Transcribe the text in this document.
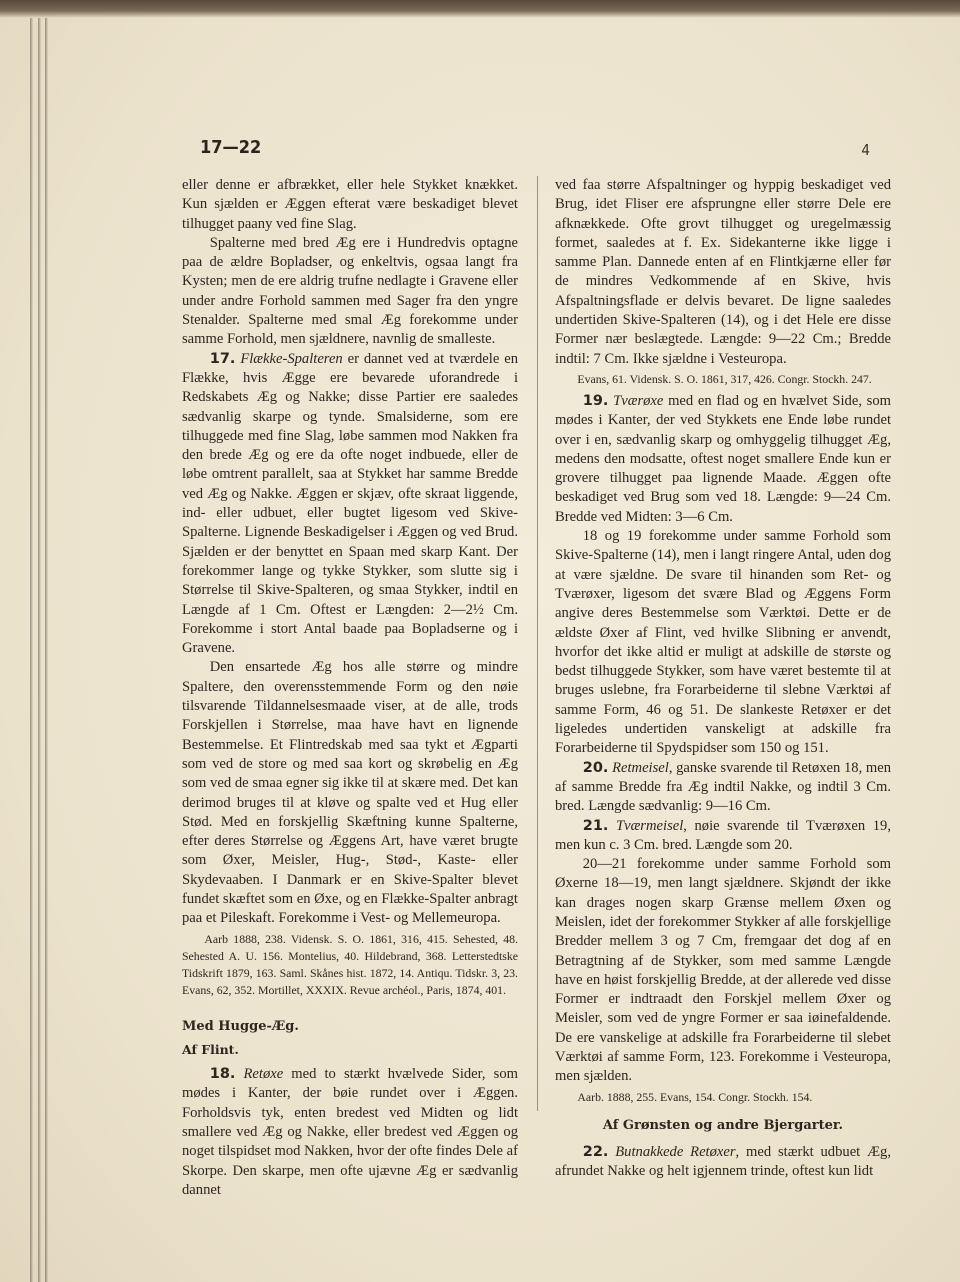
17—22	4

eller denne er afbrækket, eller hele Stykket knækket. Kun sjælden er Æggen efterat være beskadiget blevet tilhugget paany ved fine Slag.

Spalterne med bred Æg ere i Hundredvis optagne paa de ældre Bopladser, og enkeltvis, ogsaa langt fra Kysten; men de ere aldrig trufne nedlagte i Gravene eller under andre Forhold sammen med Sager fra den yngre Stenalder. Spalterne med smal Æg forekomme under samme Forhold, men sjældnere, navnlig de smalleste.

17. Flække-Spalteren er dannet ved at tværdele en Flække, hvis Ægge ere bevarede uforandrede i Redskabets Æg og Nakke; disse Partier ere saaledes sædvanlig skarpe og tynde. Smalsiderne, som ere tilhuggede med fine Slag, løbe sammen mod Nakken fra den brede Æg og ere da ofte noget indbuede, eller de løbe omtrent parallelt, saa at Stykket har samme Bredde ved Æg og Nakke. Æggen er skjæv, ofte skraat liggende, ind- eller udbuet, eller bugtet ligesom ved Skive-Spalterne. Lignende Beskadigelser i Æggen og ved Brud. Sjælden er der benyttet en Spaan med skarp Kant. Der forekommer lange og tykke Stykker, som slutte sig i Størrelse til Skive-Spalteren, og smaa Stykker, indtil en Længde af 1 Cm. Oftest er Længden: 2—2½ Cm. Forekomme i stort Antal baade paa Bopladserne og i Gravene.

Den ensartede Æg hos alle større og mindre Spaltere, den overensstemmende Form og den nøie tilsvarende Tildannelsesmaade viser, at de alle, trods Forskjellen i Størrelse, maa have havt en lignende Bestemmelse. Et Flintredskab med saa tykt et Ægparti som ved de store og med saa kort og skrøbelig en Æg som ved de smaa egner sig ikke til at skære med. Det kan derimod bruges til at kløve og spalte ved et Hug eller Stød. Med en forskjellig Skæftning kunne Spalterne, efter deres Størrelse og Æggens Art, have været brugte som Øxer, Meisler, Hug-, Stød-, Kaste- eller Skydevaaben. I Danmark er en Skive-Spalter blevet fundet skæftet som en Øxe, og en Flække-Spalter anbragt paa et Pileskaft. Forekomme i Vest- og Mellemeuropa.

Aarb 1888, 238. Vidensk. S. O. 1861, 316, 415. Sehested, 48. Sehested A. U. 156. Montelius, 40. Hildebrand, 368. Letterstedtske Tidskrift 1879, 163. Saml. Skånes hist. 1872, 14. Antiqu. Tidskr. 3, 23. Evans, 62, 352. Mortillet, XXXIX. Revue archéol., Paris, 1874, 401.

Med Hugge-Æg.

Af Flint.

18. Retøxe med to stærkt hvælvede Sider, som mødes i Kanter, der bøie rundet over i Æggen. Forholdsvis tyk, enten bredest ved Midten og lidt smallere ved Æg og Nakke, eller bredest ved Æggen og noget tilspidset mod Nakken, hvor der ofte findes Dele af Skorpe. Den skarpe, men ofte ujævne Æg er sædvanlig dannet

ved faa større Afspaltninger og hyppig beskadiget ved Brug, idet Fliser ere afsprungne eller større Dele ere afknækkede. Ofte grovt tilhugget og uregelmæssig formet, saaledes at f. Ex. Sidekanterne ikke ligge i samme Plan. Dannede enten af en Flintkjærne eller før de mindres Vedkommende af en Skive, hvis Afspaltningsflade er delvis bevaret. De ligne saaledes undertiden Skive-Spalteren (14), og i det Hele ere disse Former nær beslægtede. Længde: 9—22 Cm.; Bredde indtil: 7 Cm. Ikke sjældne i Vesteuropa.

Evans, 61. Vidensk. S. O. 1861, 317, 426. Congr. Stockh. 247.

19. Tværøxe med en flad og en hvælvet Side, som mødes i Kanter, der ved Stykkets ene Ende løbe rundet over i en, sædvanlig skarp og omhyggelig tilhugget Æg, medens den modsatte, oftest noget smallere Ende kun er grovere tilhugget paa lignende Maade. Æggen ofte beskadiget ved Brug som ved 18. Længde: 9—24 Cm. Bredde ved Midten: 3—6 Cm.

18 og 19 forekomme under samme Forhold som Skive-Spalterne (14), men i langt ringere Antal, uden dog at være sjældne. De svare til hinanden som Ret- og Tværøxer, ligesom det svære Blad og Æggens Form angive deres Bestemmelse som Værktøi. Dette er de ældste Øxer af Flint, ved hvilke Slibning er anvendt, hvorfor det ikke altid er muligt at adskille de største og bedst tilhuggede Stykker, som have været bestemte til at bruges uslebne, fra Forarbeiderne til slebne Værktøi af samme Form, 46 og 51. De slankeste Retøxer er det ligeledes undertiden vanskeligt at adskille fra Forarbeiderne til Spydspidser som 150 og 151.

20. Retmeisel, ganske svarende til Retøxen 18, men af samme Bredde fra Æg indtil Nakke, og indtil 3 Cm. bred. Længde sædvanlig: 9—16 Cm.

21. Tværmeisel, nøie svarende til Tværøxen 19, men kun c. 3 Cm. bred. Længde som 20.

20—21 forekomme under samme Forhold som Øxerne 18—19, men langt sjældnere. Skjøndt der ikke kan drages nogen skarp Grænse mellem Øxen og Meislen, idet der forekommer Stykker af alle forskjellige Bredder mellem 3 og 7 Cm, fremgaar det dog af en Betragtning af de Stykker, som med samme Længde have en høist forskjellig Bredde, at der allerede ved disse Former er indtraadt den Forskjel mellem Øxer og Meisler, som ved de yngre Former er saa iøinefaldende. De ere vanskelige at adskille fra Forarbeiderne til slebet Værktøi af samme Form, 123. Forekomme i Vesteuropa, men sjælden.

Aarb. 1888, 255. Evans, 154. Congr. Stockh. 154.

Af Grønsten og andre Bjergarter.

22. Butnakkede Retøxer, med stærkt udbuet Æg, afrundet Nakke og helt igjennem trinde, oftest kun lidt
